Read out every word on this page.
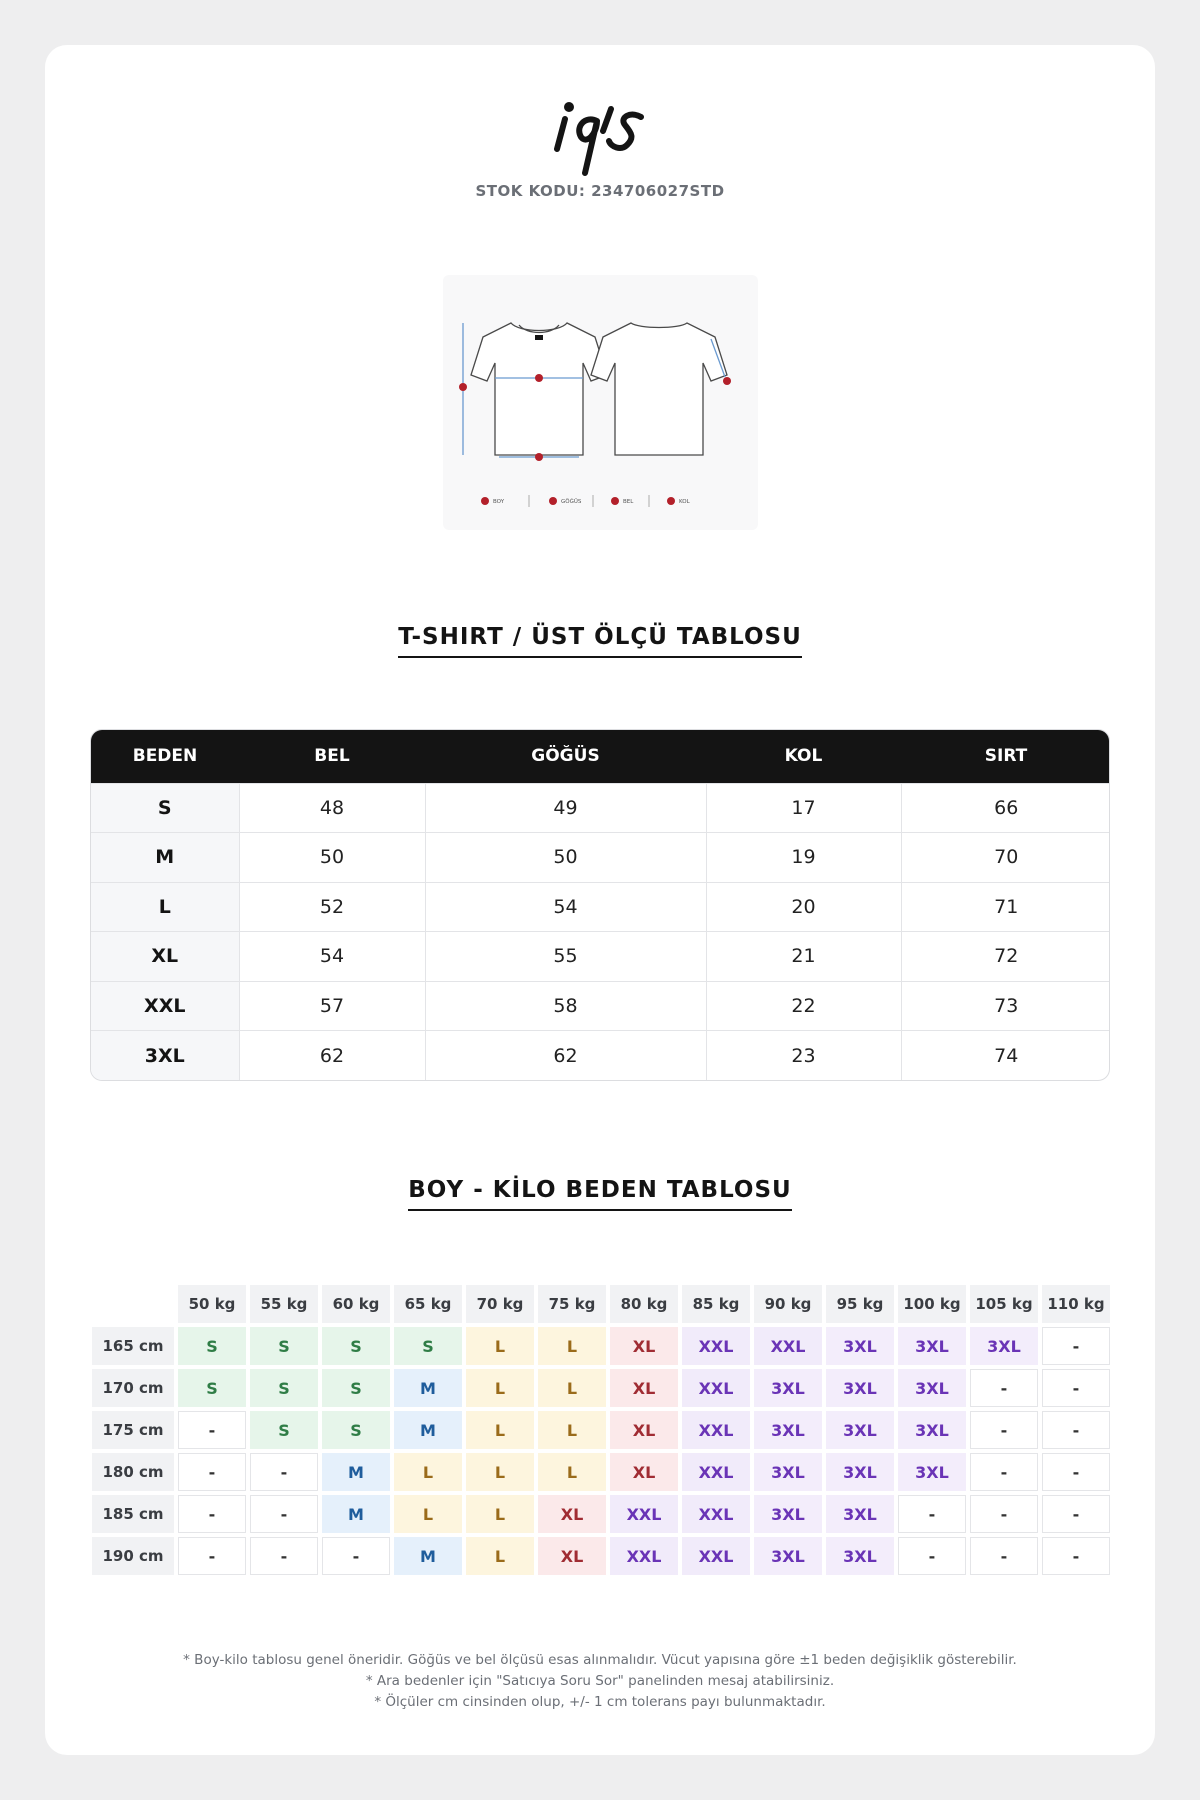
STOK KODU: 234706027STD
BOY	GÖĞÜS	BEL	KOL
T-SHIRT / ÜST ÖLÇÜ TABLOSU
BEDEN	BEL	GÖĞÜS	KOL	SIRT
S	48	49	17	66
M	50	50	19	70
L	52	54	20	71
XL	54	55	21	72
XXL	57	58	22	73
3XL	62	62	23	74
BOY - KİLO BEDEN TABLOSU
	50 kg	55 kg	60 kg	65 kg	70 kg	75 kg	80 kg	85 kg	90 kg	95 kg	100 kg	105 kg	110 kg
165 cm	S	S	S	S	L	L	XL	XXL	XXL	3XL	3XL	3XL	-
170 cm	S	S	S	M	L	L	XL	XXL	3XL	3XL	3XL	-	-
175 cm	-	S	S	M	L	L	XL	XXL	3XL	3XL	3XL	-	-
180 cm	-	-	M	L	L	L	XL	XXL	3XL	3XL	3XL	-	-
185 cm	-	-	M	L	L	XL	XXL	XXL	3XL	3XL	-	-	-
190 cm	-	-	-	M	L	XL	XXL	XXL	3XL	3XL	-	-	-
* Boy-kilo tablosu genel öneridir. Göğüs ve bel ölçüsü esas alınmalıdır. Vücut yapısına göre ±1 beden değişiklik gösterebilir.
* Ara bedenler için "Satıcıya Soru Sor" panelinden mesaj atabilirsiniz.
* Ölçüler cm cinsinden olup, +/- 1 cm tolerans payı bulunmaktadır.
